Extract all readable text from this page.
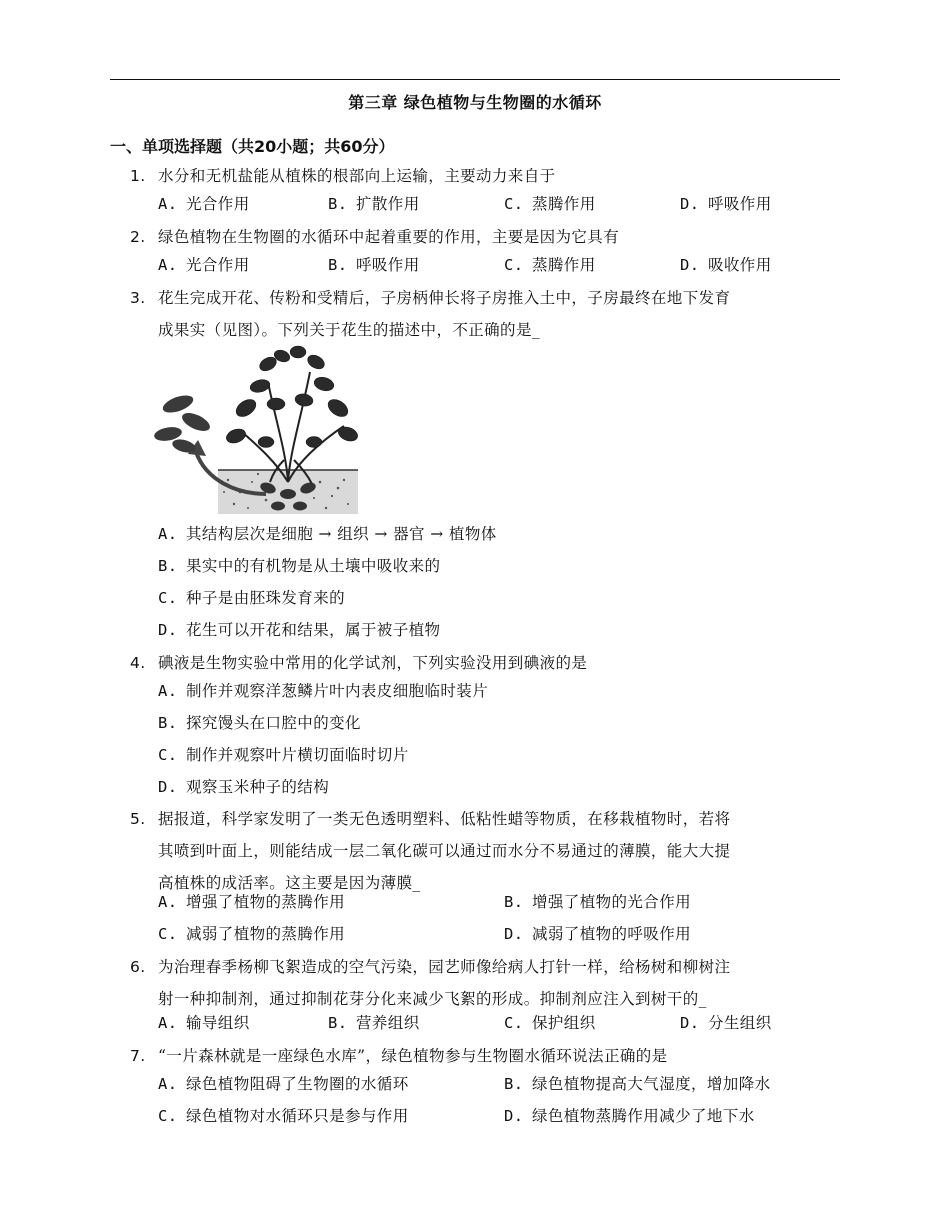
第三章 绿色植物与生物圈的水循环
一、单项选择题（共20小题；共60分）
1. 水分和无机盐能从植株的根部向上运输，主要动力来自于
A. 光合作用	B. 扩散作用	C. 蒸腾作用	D. 呼吸作用
2. 绿色植物在生物圈的水循环中起着重要的作用，主要是因为它具有
A. 光合作用	B. 呼吸作用	C. 蒸腾作用	D. 吸收作用
3. 花生完成开花、传粉和受精后，子房柄伸长将子房推入土中，子房最终在地下发育
成果实（见图）。下列关于花生的描述中，不正确的是_
A. 其结构层次是细胞 → 组织 → 器官 → 植物体
B. 果实中的有机物是从土壤中吸收来的
C. 种子是由胚珠发育来的
D. 花生可以开花和结果，属于被子植物
4. 碘液是生物实验中常用的化学试剂，下列实验没用到碘液的是
A. 制作并观察洋葱鳞片叶内表皮细胞临时装片
B. 探究馒头在口腔中的变化
C. 制作并观察叶片横切面临时切片
D. 观察玉米种子的结构
5. 据报道，科学家发明了一类无色透明塑料、低粘性蜡等物质，在移栽植物时，若将
其喷到叶面上，则能结成一层二氧化碳可以通过而水分不易通过的薄膜，能大大提
高植株的成活率。这主要是因为薄膜_
A. 增强了植物的蒸腾作用	B. 增强了植物的光合作用
C. 减弱了植物的蒸腾作用	D. 减弱了植物的呼吸作用
6. 为治理春季杨柳飞絮造成的空气污染，园艺师像给病人打针一样，给杨树和柳树注
射一种抑制剂，通过抑制花芽分化来减少飞絮的形成。抑制剂应注入到树干的_
A. 输导组织	B. 营养组织	C. 保护组织	D. 分生组织
7. “一片森林就是一座绿色水库”，绿色植物参与生物圈水循环说法正确的是
A. 绿色植物阻碍了生物圈的水循环	B. 绿色植物提高大气湿度，增加降水
C. 绿色植物对水循环只是参与作用	D. 绿色植物蒸腾作用减少了地下水
